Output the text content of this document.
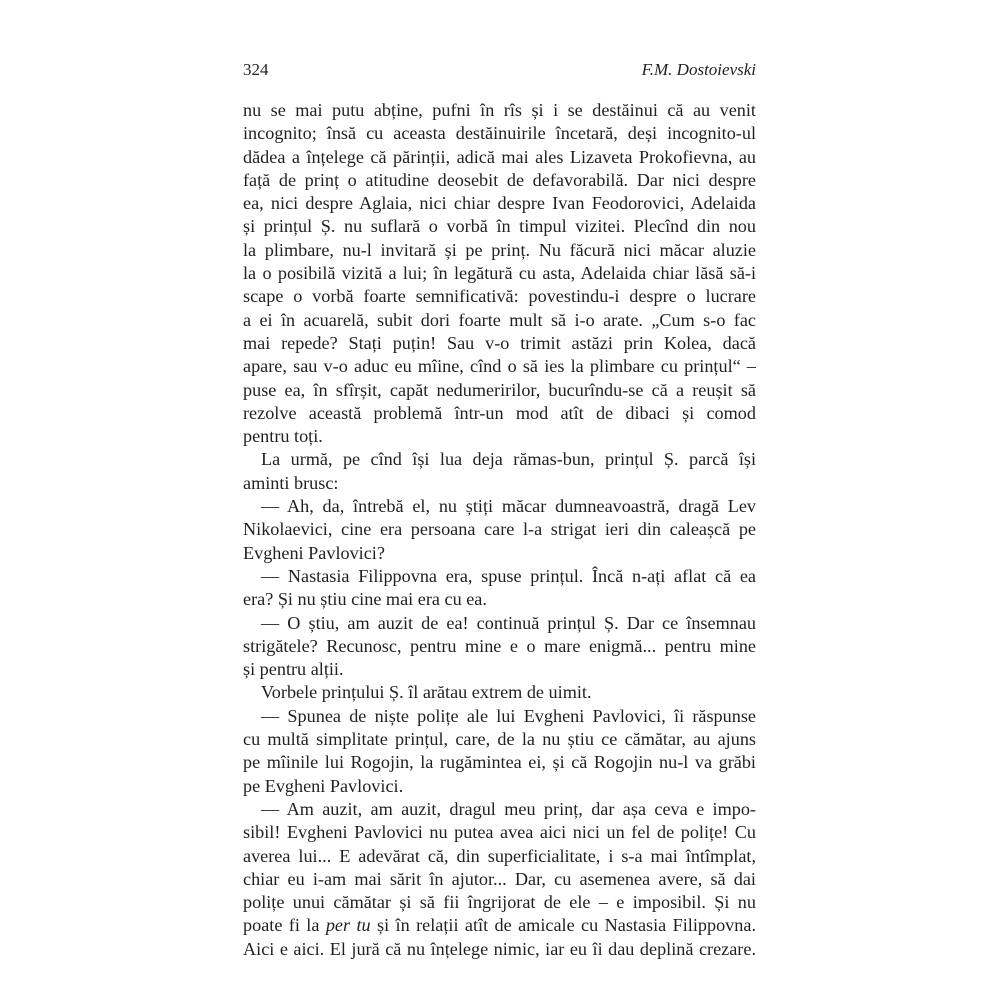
324	F.M. Dostoievski
nu se mai putu abține, pufni în rîs și i se destăinui că au venit
incognito; însă cu aceasta destăinuirile încetară, deși incognito-ul
dădea a înțelege că părinții, adică mai ales Lizaveta Prokofievna, au
față de prinț o atitudine deosebit de defavorabilă. Dar nici despre
ea, nici despre Aglaia, nici chiar despre Ivan Feodorovici, Adelaida
și prințul Ș. nu suflară o vorbă în timpul vizitei. Plecînd din nou
la plimbare, nu-l invitară și pe prinț. Nu făcură nici măcar aluzie
la o posibilă vizită a lui; în legătură cu asta, Adelaida chiar lăsă să-i
scape o vorbă foarte semnificativă: povestindu-i despre o lucrare
a ei în acuarelă, subit dori foarte mult să i-o arate. „Cum s-o fac
mai repede? Stați puțin! Sau v-o trimit astăzi prin Kolea, dacă
apare, sau v-o aduc eu mîine, cînd o să ies la plimbare cu prințul“ –
puse ea, în sfîrșit, capăt nedumeririlor, bucurîndu-se că a reușit să
rezolve această problemă într-un mod atît de dibaci și comod
pentru toți.
La urmă, pe cînd își lua deja rămas-bun, prințul Ș. parcă își
aminti brusc:
— Ah, da, întrebă el, nu știți măcar dumneavoastră, dragă Lev
Nikolaevici, cine era persoana care l-a strigat ieri din caleașcă pe
Evgheni Pavlovici?
— Nastasia Filippovna era, spuse prințul. Încă n-ați aflat că ea
era? Și nu știu cine mai era cu ea.
— O știu, am auzit de ea! continuă prințul Ș. Dar ce însemnau
strigătele? Recunosc, pentru mine e o mare enigmă... pentru mine
și pentru alții.
Vorbele prințului Ș. îl arătau extrem de uimit.
— Spunea de niște polițe ale lui Evgheni Pavlovici, îi răspunse
cu multă simplitate prințul, care, de la nu știu ce cămătar, au ajuns
pe mîinile lui Rogojin, la rugămintea ei, și că Rogojin nu-l va grăbi
pe Evgheni Pavlovici.
— Am auzit, am auzit, dragul meu prinț, dar așa ceva e impo-
sibil! Evgheni Pavlovici nu putea avea aici nici un fel de polițe! Cu
averea lui... E adevărat că, din superficialitate, i s-a mai întîmplat,
chiar eu i-am mai sărit în ajutor... Dar, cu asemenea avere, să dai
polițe unui cămătar și să fii îngrijorat de ele – e imposibil. Și nu
poate fi la per tu și în relații atît de amicale cu Nastasia Filippovna.
Aici e aici. El jură că nu înțelege nimic, iar eu îi dau deplină crezare.
